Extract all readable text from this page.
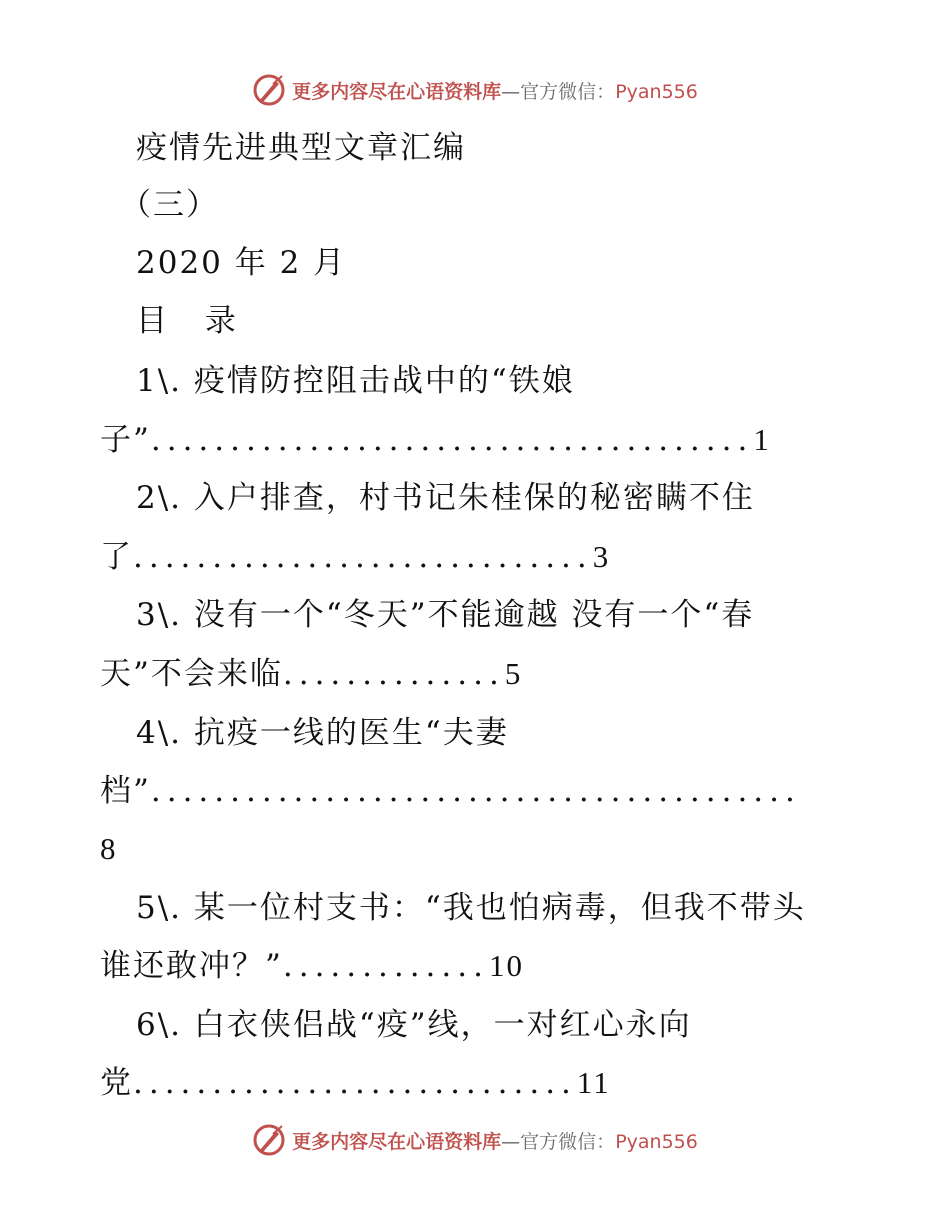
更多内容尽在心语资料库—官方微信：Pyan556
疫情先进典型文章汇编
（三）
2020 年 2 月
目 录
1\. 疫情防控阻击战中的“铁娘
子”......................................1
2\. 入户排查，村书记朱桂保的秘密瞒不住
了.............................3
3\. 没有一个“冬天”不能逾越 没有一个“春
天”不会来临..............5
4\. 抗疫一线的医生“夫妻
档”.........................................
8
5\. 某一位村支书：“我也怕病毒，但我不带头
谁还敢冲？”.............10
6\. 白衣侠侣战“疫”线，一对红心永向
党............................11
更多内容尽在心语资料库—官方微信：Pyan556
